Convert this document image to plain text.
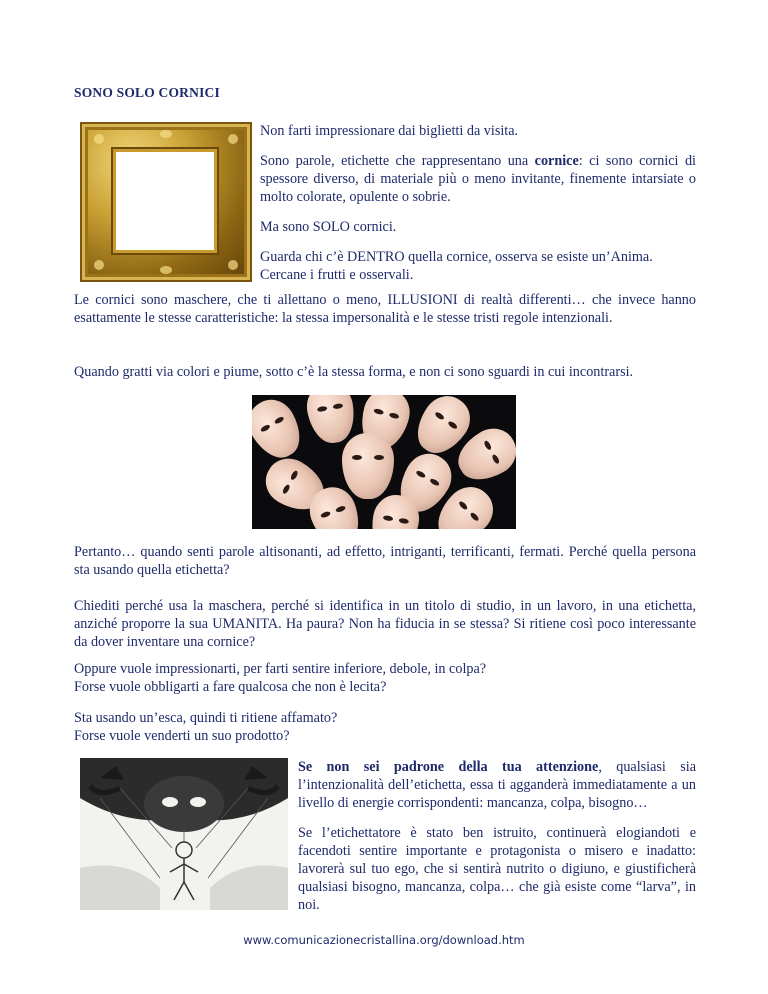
SONO SOLO CORNICI

Non farti impressionare dai biglietti da visita.

Sono parole, etichette che rappresentano una cornice: ci sono cornici di spessore diverso, di materiale più o meno invitante, finemente intarsiate o molto colorate, opulente o sobrie.

Ma sono SOLO cornici.

Guarda chi c’è DENTRO quella cornice, osserva se esiste un’Anima. Cercane i frutti e osservali.

Le cornici sono maschere, che ti allettano o meno, ILLUSIONI di realtà differenti… che invece hanno esattamente le stesse caratteristiche: la stessa impersonalità e le stesse tristi regole intenzionali.

Quando gratti via colori e piume, sotto c’è la stessa forma, e non ci sono sguardi in cui incontrarsi.

Pertanto… quando senti parole altisonanti, ad effetto, intriganti, terrificanti, fermati. Perché quella persona sta usando quella etichetta?

Chiediti perché usa la maschera, perché si identifica in un titolo di studio, in un lavoro, in una etichetta, anziché proporre la sua UMANITA. Ha paura? Non ha fiducia in se stessa? Si ritiene così poco interessante da dover inventare una cornice?

Oppure vuole impressionarti, per farti sentire inferiore, debole, in colpa?

Forse vuole obbligarti a fare qualcosa che non è lecita?

Sta usando un’esca, quindi ti ritiene affamato?

Forse vuole venderti un suo prodotto?

Se non sei padrone della tua attenzione, qualsiasi sia l’intenzionalità dell’etichetta, essa ti agganderà immediatamente a un livello di energie corrispondenti: mancanza, colpa, bisogno…

Se l’etichettatore è stato ben istruito, continuerà elogiandoti e facendoti sentire importante e protagonista o misero e inadatto: lavorerà sul tuo ego, che si sentirà nutrito o digiuno, e giustificherà qualsiasi bisogno, mancanza, colpa… che già esiste come “larva”, in noi.

www.comunicazionecristallina.org/download.htm
